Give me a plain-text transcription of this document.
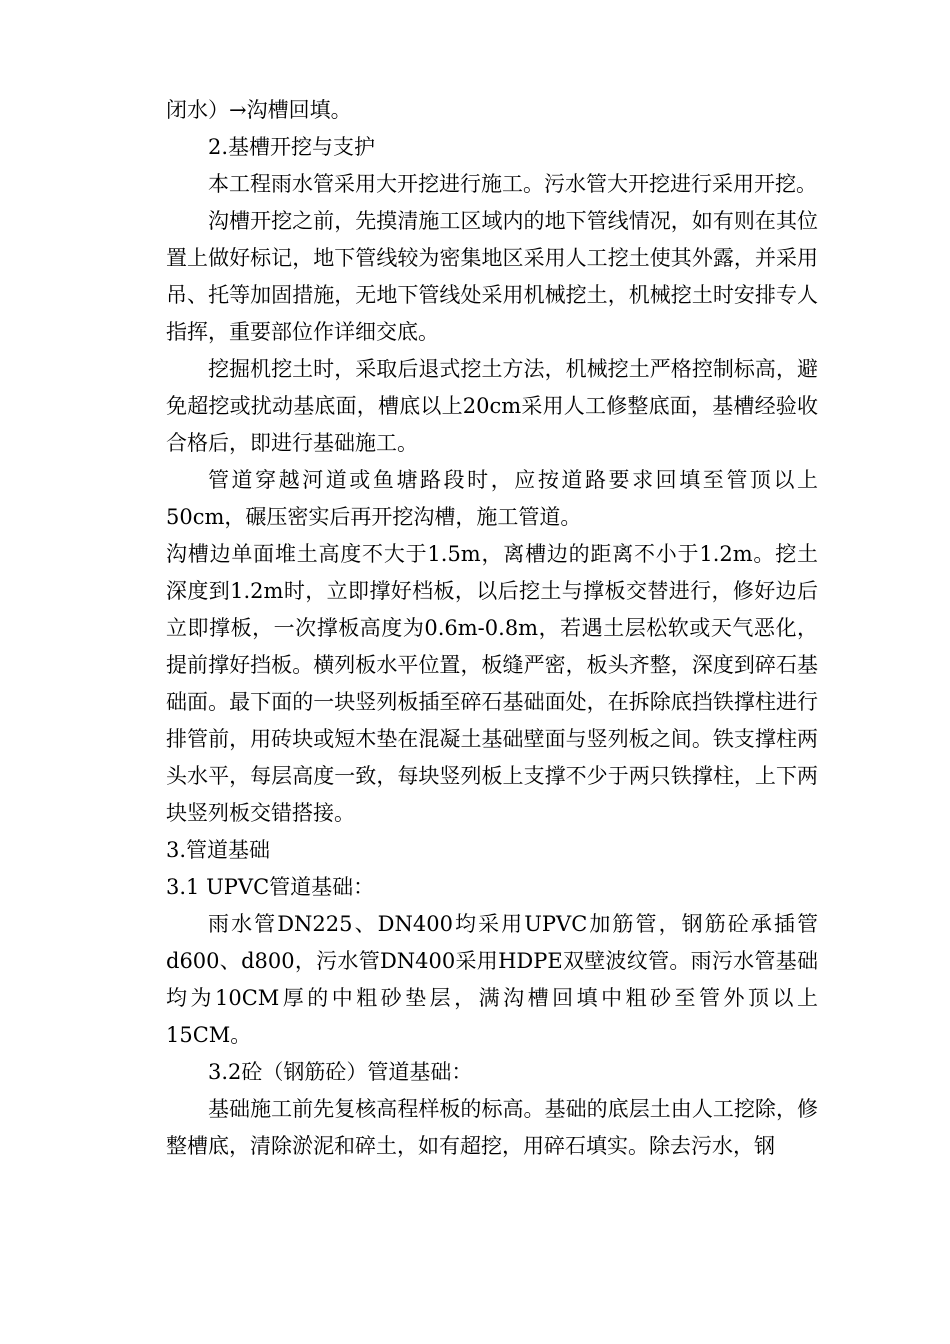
闭水）→沟槽回填。

2.基槽开挖与支护

本工程雨水管采用大开挖进行施工。污水管大开挖进行采用开挖。

沟槽开挖之前，先摸清施工区域内的地下管线情况，如有则在其位置上做好标记，地下管线较为密集地区采用人工挖土使其外露，并采用吊、托等加固措施，无地下管线处采用机械挖土，机械挖土时安排专人指挥，重要部位作详细交底。

挖掘机挖土时，采取后退式挖土方法，机械挖土严格控制标高，避免超挖或扰动基底面，槽底以上20cm采用人工修整底面，基槽经验收合格后，即进行基础施工。

管道穿越河道或鱼塘路段时，应按道路要求回填至管顶以上50cm，碾压密实后再开挖沟槽，施工管道。

沟槽边单面堆土高度不大于1.5m，离槽边的距离不小于1.2m。挖土深度到1.2m时，立即撑好档板，以后挖土与撑板交替进行，修好边后立即撑板，一次撑板高度为0.6m-0.8m，若遇土层松软或天气恶化，提前撑好挡板。横列板水平位置，板缝严密，板头齐整，深度到碎石基础面。最下面的一块竖列板插至碎石基础面处，在拆除底挡铁撑柱进行排管前，用砖块或短木垫在混凝土基础壁面与竖列板之间。铁支撑柱两头水平，每层高度一致，每块竖列板上支撑不少于两只铁撑柱，上下两块竖列板交错搭接。

3.管道基础

3.1 UPVC管道基础：

雨水管DN225、DN400均采用UPVC加筋管，钢筋砼承插管d600、d800，污水管DN400采用HDPE双壁波纹管。雨污水管基础均为10CM厚的中粗砂垫层，满沟槽回填中粗砂至管外顶以上15CM。

3.2砼（钢筋砼）管道基础：

基础施工前先复核高程样板的标高。基础的底层土由人工挖除，修整槽底，清除淤泥和碎土，如有超挖，用碎石填实。除去污水，钢
